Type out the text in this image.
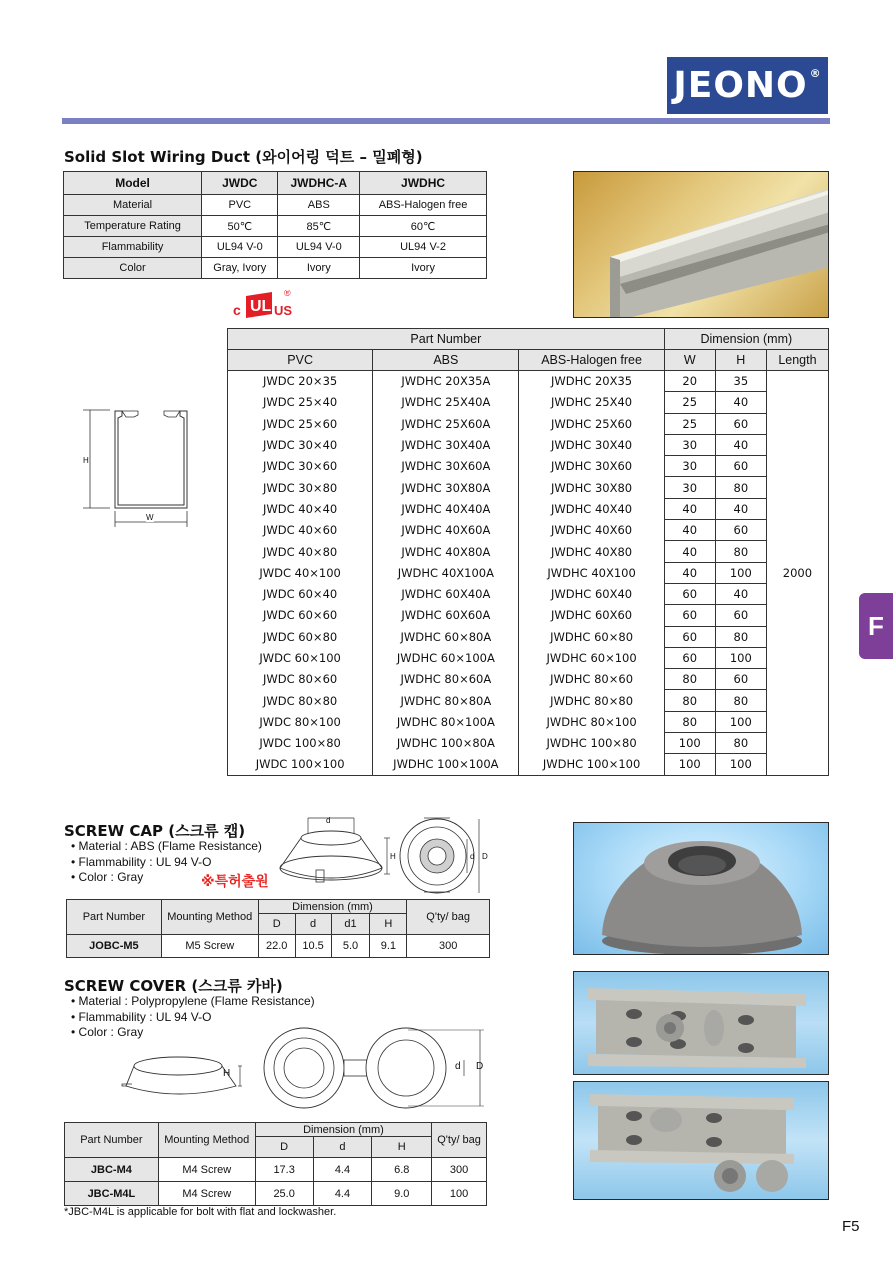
JEONO®
Solid Slot Wiring Duct (와이어링 덕트 – 밀폐형)
Model	JWDC	JWDHC-A	JWDHC
Material	PVC	ABS	ABS-Halogen free
Temperature Rating	50℃	85℃	60℃
Flammability	UL94 V-0	UL94 V-0	UL94 V-2
Color	Gray, Ivory	Ivory	Ivory
UL
®
c	US
H
W
Part Number			Dimension (mm)		
PVC	ABS	ABS-Halogen free	W	H	Length
JWDC 20×35	JWDHC 20X35A	JWDHC 20X35	20	35	2000
JWDC 25×40	JWDHC 25X40A	JWDHC 25X40	25	40	
JWDC 25×60	JWDHC 25X60A	JWDHC 25X60	25	60	
JWDC 30×40	JWDHC 30X40A	JWDHC 30X40	30	40	
JWDC 30×60	JWDHC 30X60A	JWDHC 30X60	30	60	
JWDC 30×80	JWDHC 30X80A	JWDHC 30X80	30	80	
JWDC 40×40	JWDHC 40X40A	JWDHC 40X40	40	40	
JWDC 40×60	JWDHC 40X60A	JWDHC 40X60	40	60	
JWDC 40×80	JWDHC 40X80A	JWDHC 40X80	40	80	
JWDC 40×100	JWDHC 40X100A	JWDHC 40X100	40	100	
JWDC 60×40	JWDHC 60X40A	JWDHC 60X40	60	40	
JWDC 60×60	JWDHC 60X60A	JWDHC 60X60	60	60	
JWDC 60×80	JWDHC 60×80A	JWDHC 60×80	60	80	
JWDC 60×100	JWDHC 60×100A	JWDHC 60×100	60	100	
JWDC 80×60	JWDHC 80×60A	JWDHC 80×60	80	60	
JWDC 80×80	JWDHC 80×80A	JWDHC 80×80	80	80	
JWDC 80×100	JWDHC 80×100A	JWDHC 80×100	80	100	
JWDC 100×80	JWDHC 100×80A	JWDHC 100×80	100	80	
JWDC 100×100	JWDHC 100×100A	JWDHC 100×100	100	100	
F
SCREW CAP (스크류 캡)
• Material : ABS (Flame Resistance)
• Flammability : UL 94 V-O
• Color : Gray	※특허출원
d
H	d D
Part Number	Mounting Method	Dimension (mm)				Q'ty/ bag
		D	d	d1	H	
JOBC-M5	M5 Screw	22.0	10.5	5.0	9.1	300
SCREW COVER (스크류 카바)
• Material : Polypropylene (Flame Resistance)
• Flammability : UL 94 V-O
• Color : Gray
H
d D
Part Number	Mounting Method	Dimension (mm)			Q'ty/ bag
		D	d	H	
JBC-M4	M4 Screw	17.3	4.4	6.8	300
JBC-M4L	M4 Screw	25.0	4.4	9.0	100
*JBC-M4L is applicable for bolt with flat and lockwasher.
F5
